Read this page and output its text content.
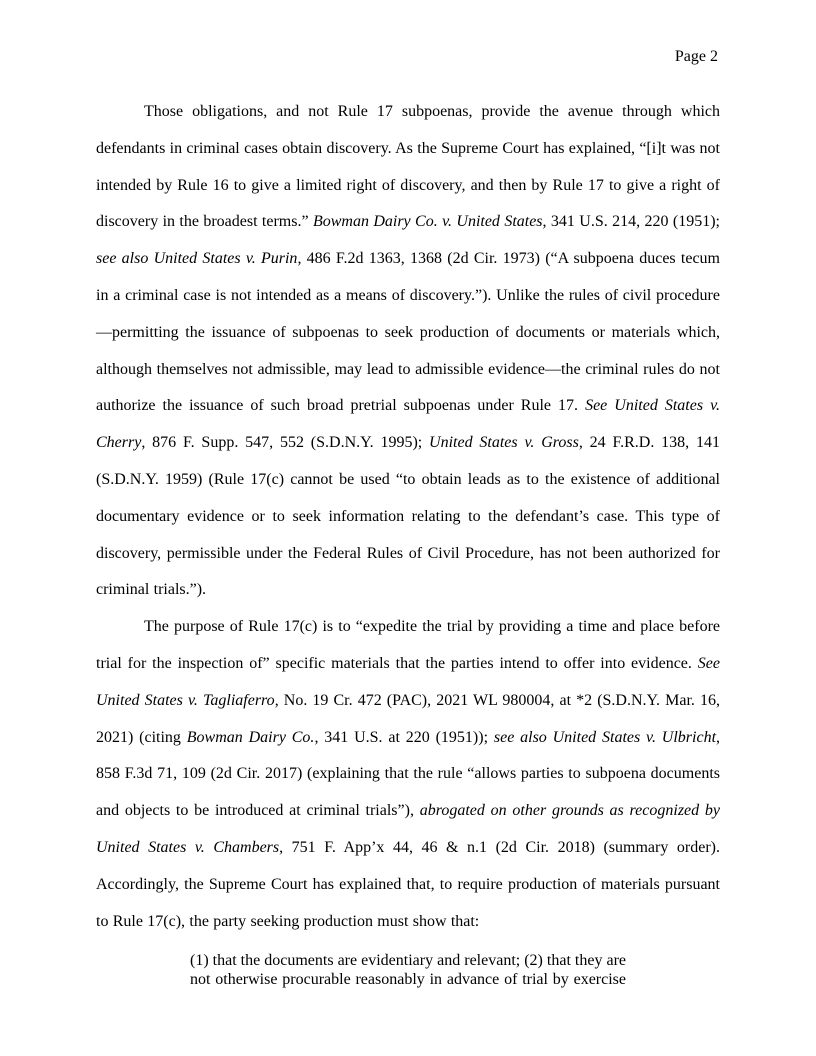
Page 2

Those obligations, and not Rule 17 subpoenas, provide the avenue through which defendants in criminal cases obtain discovery. As the Supreme Court has explained, “[i]t was not intended by Rule 16 to give a limited right of discovery, and then by Rule 17 to give a right of discovery in the broadest terms.” Bowman Dairy Co. v. United States, 341 U.S. 214, 220 (1951); see also United States v. Purin, 486 F.2d 1363, 1368 (2d Cir. 1973) (“A subpoena duces tecum in a criminal case is not intended as a means of discovery.”). Unlike the rules of civil procedure—permitting the issuance of subpoenas to seek production of documents or materials which, although themselves not admissible, may lead to admissible evidence—the criminal rules do not authorize the issuance of such broad pretrial subpoenas under Rule 17. See United States v. Cherry, 876 F. Supp. 547, 552 (S.D.N.Y. 1995); United States v. Gross, 24 F.R.D. 138, 141 (S.D.N.Y. 1959) (Rule 17(c) cannot be used “to obtain leads as to the existence of additional documentary evidence or to seek information relating to the defendant’s case. This type of discovery, permissible under the Federal Rules of Civil Procedure, has not been authorized for criminal trials.”).

The purpose of Rule 17(c) is to “expedite the trial by providing a time and place before trial for the inspection of” specific materials that the parties intend to offer into evidence. See United States v. Tagliaferro, No. 19 Cr. 472 (PAC), 2021 WL 980004, at *2 (S.D.N.Y. Mar. 16, 2021) (citing Bowman Dairy Co., 341 U.S. at 220 (1951)); see also United States v. Ulbricht, 858 F.3d 71, 109 (2d Cir. 2017) (explaining that the rule “allows parties to subpoena documents and objects to be introduced at criminal trials”), abrogated on other grounds as recognized by United States v. Chambers, 751 F. App’x 44, 46 & n.1 (2d Cir. 2018) (summary order). Accordingly, the Supreme Court has explained that, to require production of materials pursuant to Rule 17(c), the party seeking production must show that:

(1) that the documents are evidentiary and relevant; (2) that they are
not otherwise procurable reasonably in advance of trial by exercise
